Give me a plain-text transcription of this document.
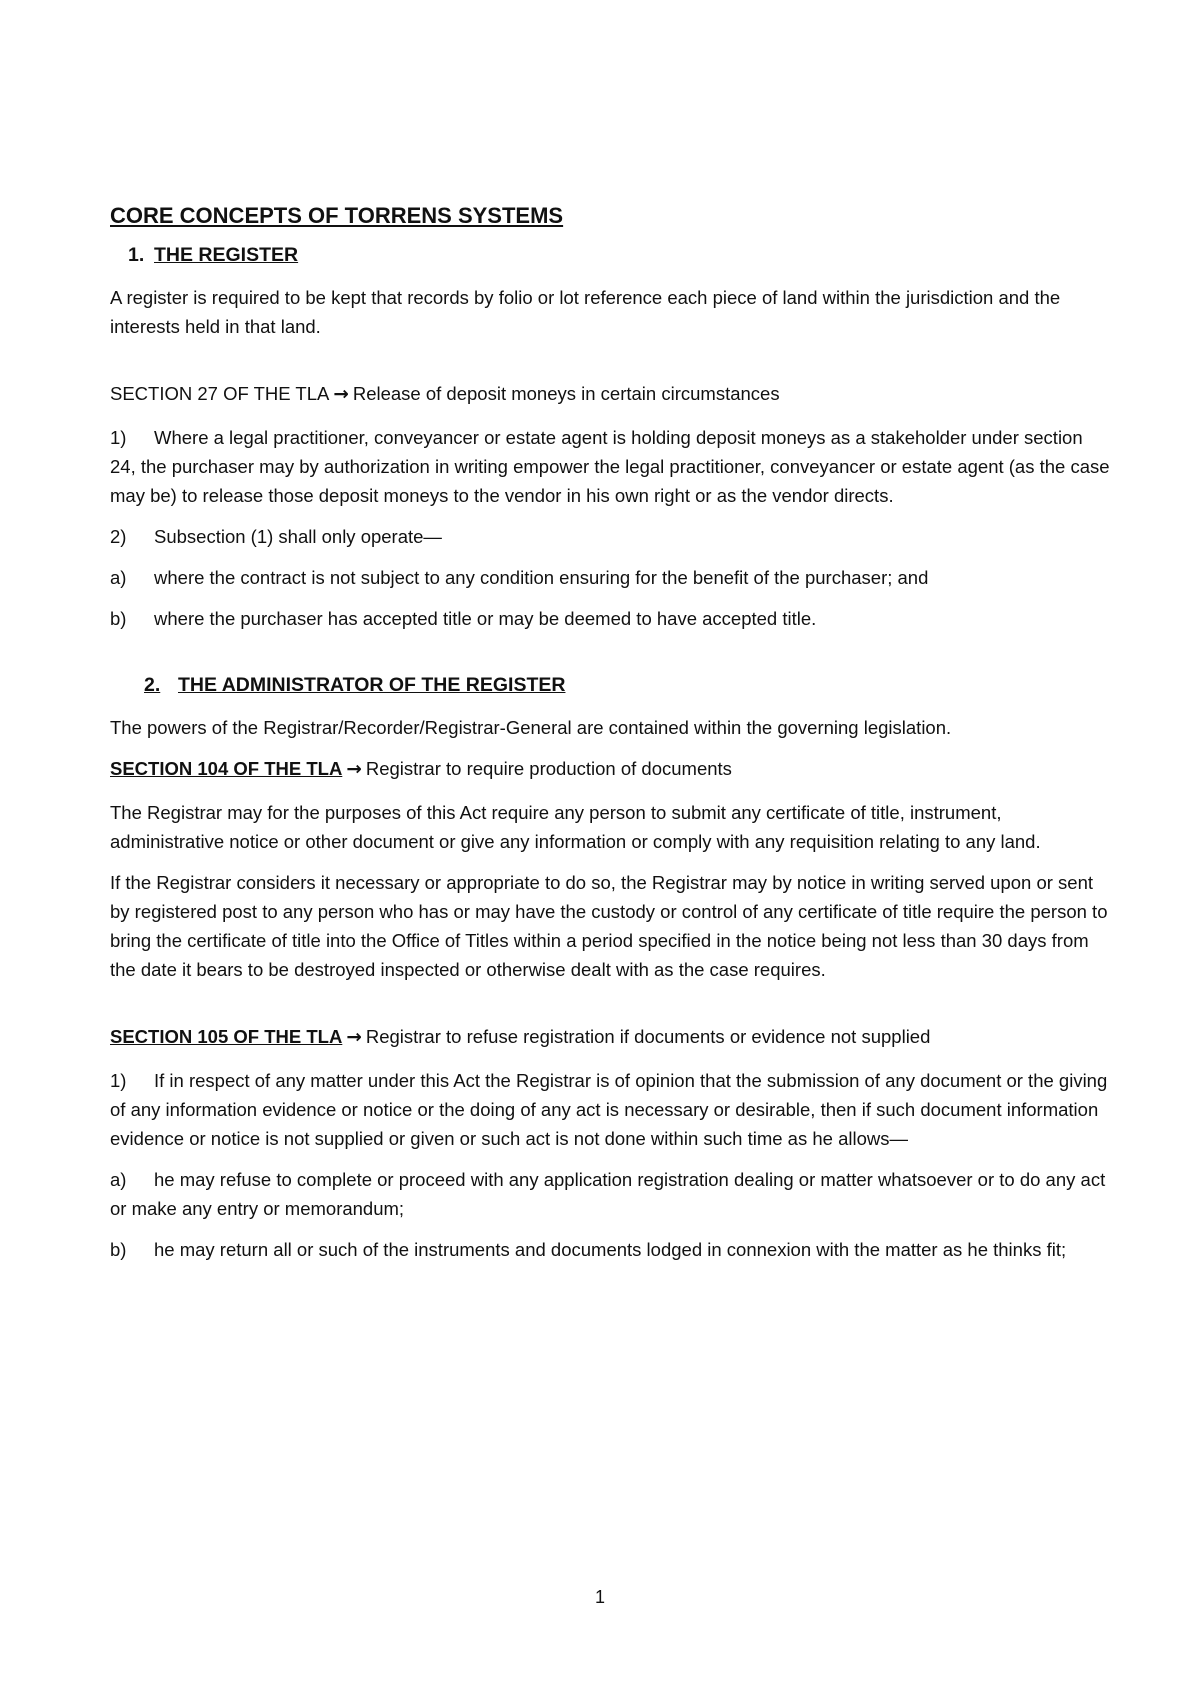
CORE CONCEPTS OF TORRENS SYSTEMS
1. THE REGISTER

A register is required to be kept that records by folio or lot reference each piece of land within the jurisdiction and the interests held in that land.

SECTION 27 OF THE TLA → Release of deposit moneys in certain circumstances
1) Where a legal practitioner, conveyancer or estate agent is holding deposit moneys as a stakeholder under section 24, the purchaser may by authorization in writing empower the legal practitioner, conveyancer or estate agent (as the case may be) to release those deposit moneys to the vendor in his own right or as the vendor directs.
2)	Subsection (1) shall only operate—
a)	where the contract is not subject to any condition ensuring for the benefit of the purchaser; and
b)	where the purchaser has accepted title or may be deemed to have accepted title.
2. THE ADMINISTRATOR OF THE REGISTER

The powers of the Registrar/Recorder/Registrar-General are contained within the governing legislation.

SECTION 104 OF THE TLA → Registrar to require production of documents

The Registrar may for the purposes of this Act require any person to submit any certificate of title, instrument, administrative notice or other document or give any information or comply with any requisition relating to any land.

If the Registrar considers it necessary or appropriate to do so, the Registrar may by notice in writing served upon or sent by registered post to any person who has or may have the custody or control of any certificate of title require the person to bring the certificate of title into the Office of Titles within a period specified in the notice being not less than 30 days from the date it bears to be destroyed inspected or otherwise dealt with as the case requires.

SECTION 105 OF THE TLA → Registrar to refuse registration if documents or evidence not supplied
1) If in respect of any matter under this Act the Registrar is of opinion that the submission of any document or the giving of any information evidence or notice or the doing of any act is necessary or desirable, then if such document information evidence or notice is not supplied or given or such act is not done within such time as he allows—
a) he may refuse to complete or proceed with any application registration dealing or matter whatsoever or to do any act or make any entry or memorandum;
b) he may return all or such of the instruments and documents lodged in connexion with the matter as he thinks fit;
1
